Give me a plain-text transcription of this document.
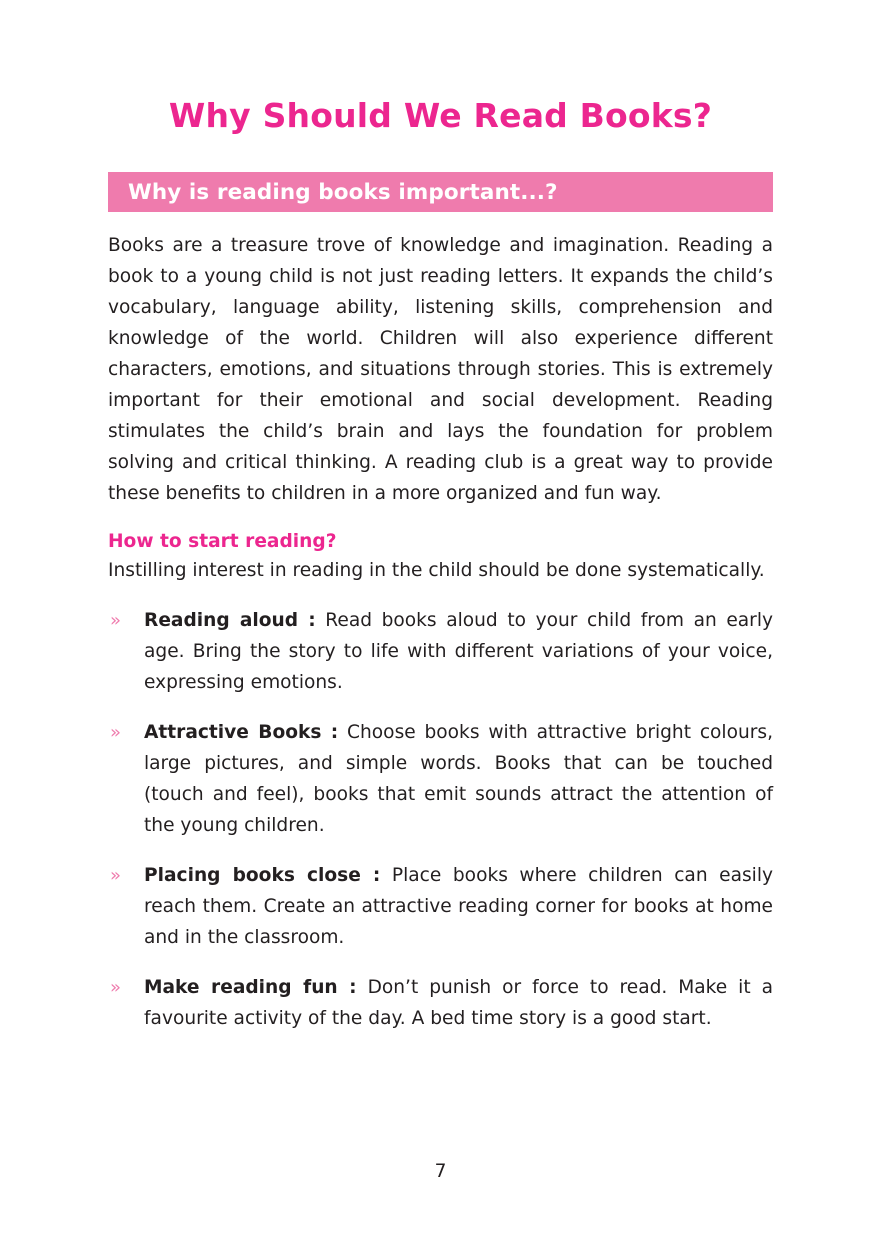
Why Should We Read Books?
Why is reading books important...?

Books are a treasure trove of knowledge and imagination. Reading a book to a young child is not just reading letters. It expands the child’s vocabulary, language ability, listening skills, comprehension and knowledge of the world. Children will also experience different characters, emotions, and situations through stories. This is extremely important for their emotional and social development. Reading stimulates the child’s brain and lays the foundation for problem solving and critical thinking. A reading club is a great way to provide these benefits to children in a more organized and fun way.

How to start reading?

Instilling interest in reading in the child should be done systematically.

» Reading aloud : Read books aloud to your child from an early age. Bring the story to life with different variations of your voice, expressing emotions.
» Attractive Books : Choose books with attractive bright colours, large pictures, and simple words. Books that can be touched (touch and feel), books that emit sounds attract the attention of the young children.
» Placing books close : Place books where children can easily reach them. Create an attractive reading corner for books at home and in the classroom.
» Make reading fun : Don’t punish or force to read. Make it a favourite activity of the day. A bed time story is a good start.
7
